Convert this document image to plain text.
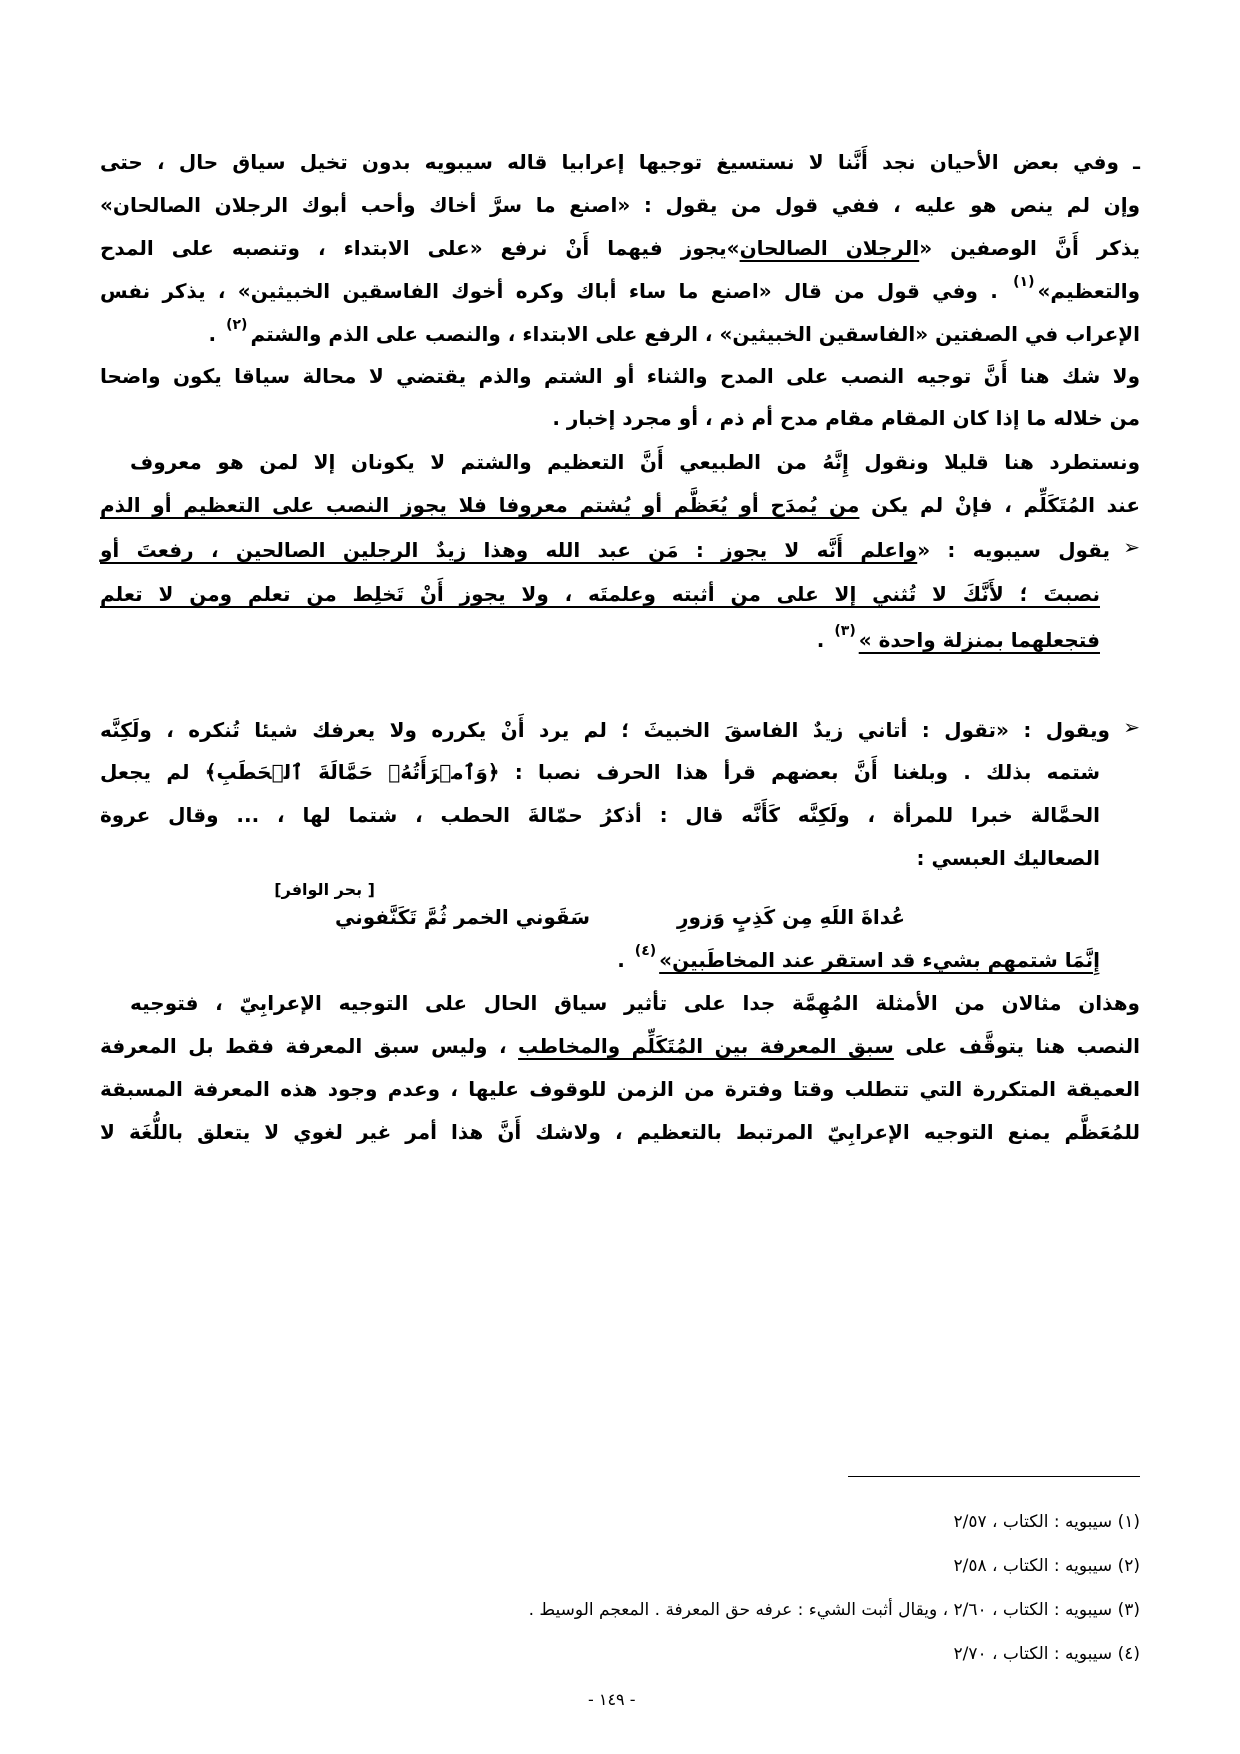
ـ وفي بعض الأحيان نجد أَنَّنا لا نستسيغ توجيها إعرابيا قاله سيبويه بدون تخيل سياق حال ، حتى
وإن لم ينص هو عليه ، ففي قول من يقول : «اصنع ما سرَّ أخاك وأحب أبوك الرجلان الصالحان»
يذكر أَنَّ الوصفين «الرجلان الصالحان»يجوز فيهما أَنْ نرفع «على الابتداء ، وتنصبه على المدح
والتعظيم»$^{(١)}$ . وفي قول من قال «اصنع ما ساء أباك وكره أخوك الفاسقين الخبيثين» ، يذكر نفس
الإعراب في الصفتين «الفاسقين الخبيثين» ، الرفع على الابتداء ، والنصب على الذم والشتم$^{(٢)}$ .
ولا شك هنا أَنَّ توجيه النصب على المدح والثناء أو الشتم والذم يقتضي لا محالة سياقا يكون واضحا
من خلاله ما إذا كان المقام مقام مدح أم ذم ، أو مجرد إخبار .
ونستطرد هنا قليلا ونقول إِنَّهُ من الطبيعي أَنَّ التعظيم والشتم لا يكونان إلا لمن هو معروف
عند المُتَكَلِّم ، فإنْ لم يكن من يُمدَح أو يُعَظَّم أو يُشتم معروفا فلا يجوز النصب على التعظيم أو الذم
➢
يقول سيبويه : «واعلم أَنَّه لا يجوز : مَن عبد الله وهذا زيدٌ الرجلين الصالحين ، رفعتَ أو
نصبتَ ؛ لأَنَّكَ لا تُثني إلا على من أثبته وعلمتَه ، ولا يجوز أَنْ تَخلِط من تعلم ومن لا تعلم
فتجعلهما بمنزلة واحدة »$^{(٣)}$ .
➢
ويقول : «تقول : أتاني زيدٌ الفاسقَ الخبيثَ ؛ لم يرد أَنْ يكرره ولا يعرفك شيئا تُنكره ، ولَكِنَّه
شتمه بذلك . وبلغنا أَنَّ بعضهم قرأ هذا الحرف نصبا : ﴿وَٱمۡرَأَتُهُۥ حَمَّالَةَ ٱلۡحَطَبِ﴾ لم يجعل
الحمَّالة خبرا للمرأة ، ولَكِنَّه كَأَنَّه قال : أذكرُ حمّالةَ الحطب ، شتما لها ، ... وقال عروة
الصعاليك العبسي :
[ بحر الوافر]
سَقَوني الخمر ثُمَّ تَكَنَّفوني	عُداةَ اللَهِ مِن كَذِبٍ وَزورِ
إِنَّمَا شتمهم بشيء قد استقر عند المخاطَبين»$^{(٤)}$ .
وهذان مثالان من الأمثلة المُهِمَّة جدا على تأثير سياق الحال على التوجيه الإعرابِيّ ، فتوجيه
النصب هنا يتوقَّف على سبق المعرفة بين المُتَكَلِّم والمخاطب ، وليس سبق المعرفة فقط بل المعرفة
العميقة المتكررة التي تتطلب وقتا وفترة من الزمن للوقوف عليها ، وعدم وجود هذه المعرفة المسبقة
للمُعَظَّم يمنع التوجيه الإعرابِيّ المرتبط بالتعظيم ، ولاشك أَنَّ هذا أمر غير لغوي لا يتعلق باللُّغَة لا
(١) سيبويه : الكتاب ، ٢/٥٧
(٢) سيبويه : الكتاب ، ٢/٥٨
(٣) سيبويه : الكتاب ، ٢/٦٠ ، ويقال أثبت الشيء : عرفه حق المعرفة . المعجم الوسيط .
(٤) سيبويه : الكتاب ، ٢/٧٠
- ١٤٩ -
